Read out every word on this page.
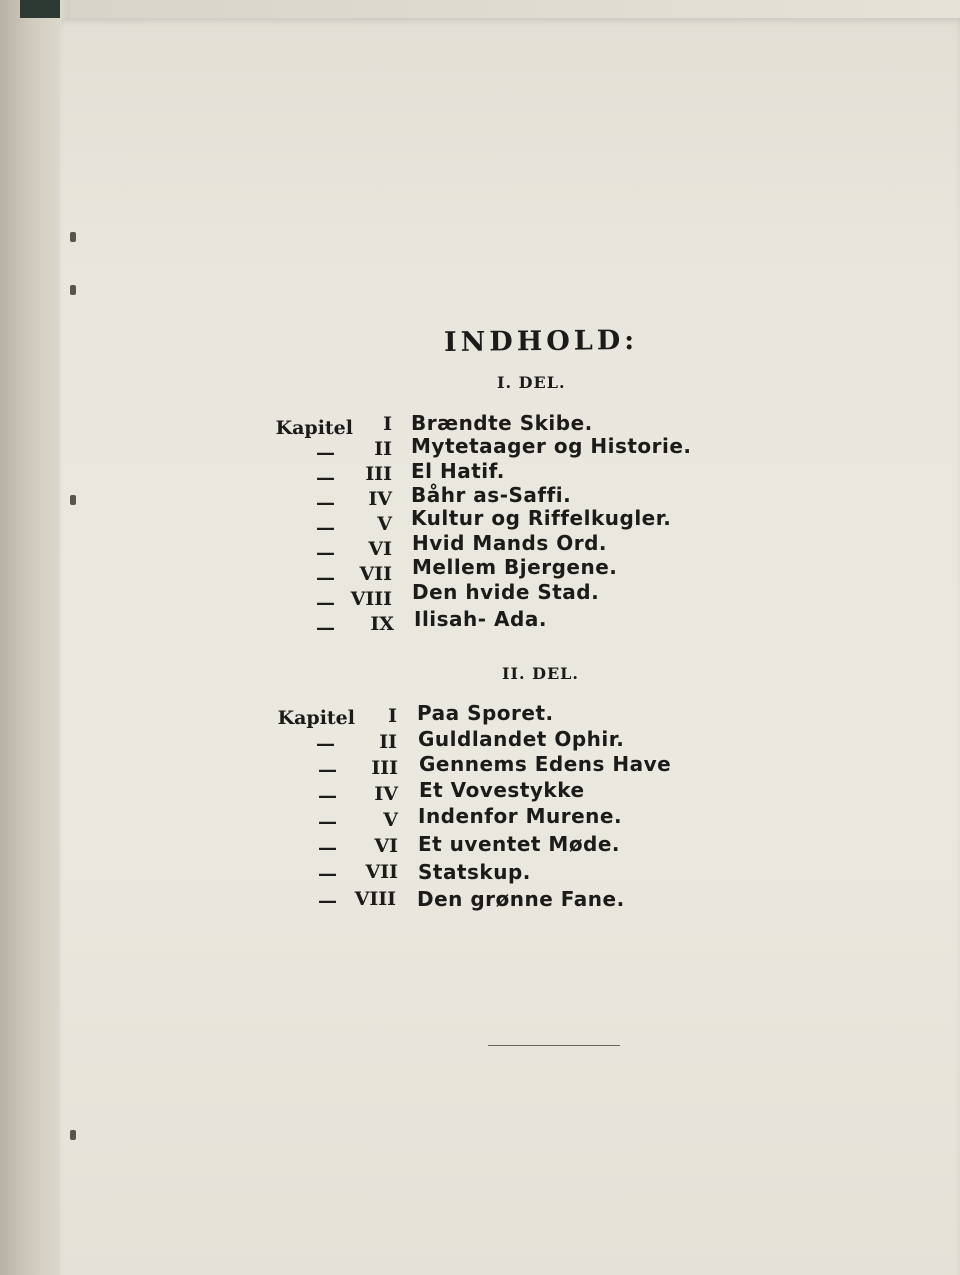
INDHOLD:
I. DEL.
Kapitel	I Brændte Skibe.
—	II Mytetaager og Historie.
—	III El Hatif.
—	IV Båhr as-Saffi.
—	V Kultur og Riffelkugler.
—	VI Hvid Mands Ord.
—	VII Mellem Bjergene.
— VIII Den hvide Stad.
—	IX Ilisah- Ada.
II. DEL.
Kapitel	I Paa Sporet.
—	II Guldlandet Ophir.
—	III Gennems Edens Have
—	IV Et Vovestykke
—	V Indenfor Murene.
—	VI Et uventet Møde.
—	VII Statskup.
— VIII Den grønne Fane.
